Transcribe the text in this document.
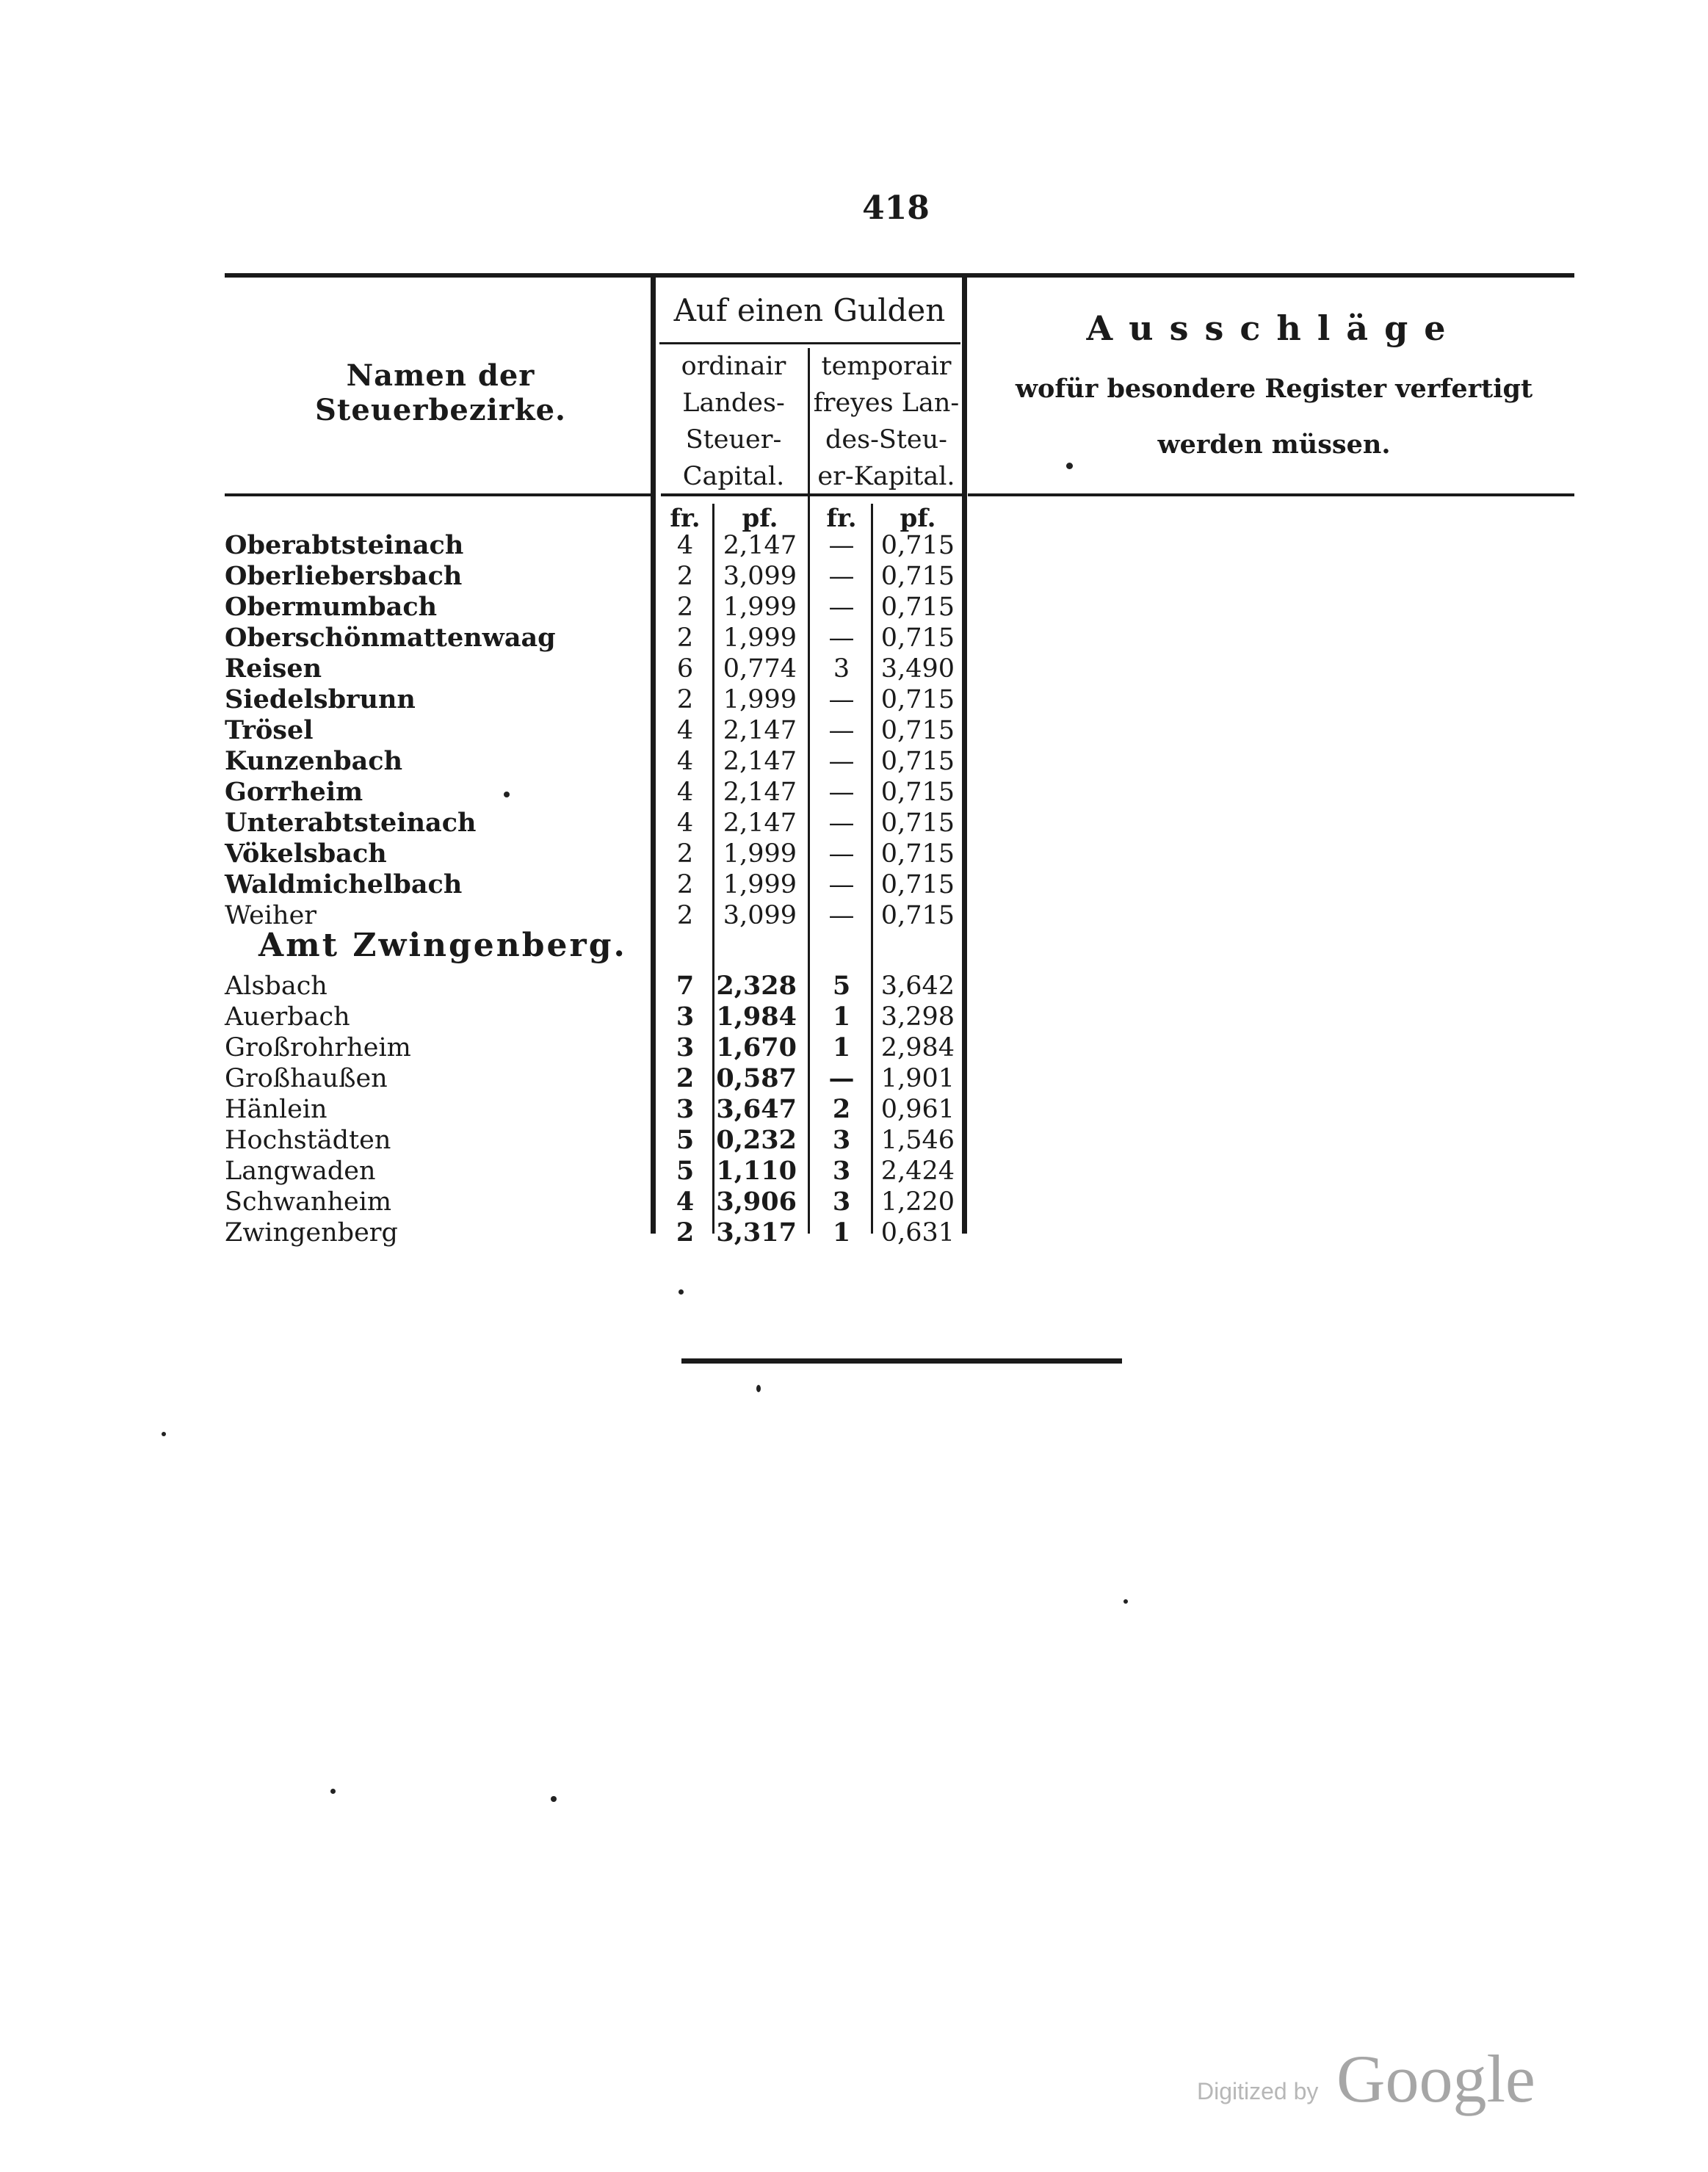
418
Namen der Steuerbezirke.
Auf einen Gulden
ordinair
Landes-
Steuer-
Capital.
temporair
freyes Lan-
des-Steu-
er-Kapital.
Ausschläge
wofür besondere Register verfertigt
werden müssen.
fr.	pf.	fr.	pf.
Oberabtsteinach	4	2,147	—	0,715
Oberliebersbach	2	3,099	—	0,715
Obermumbach	2	1,999	—	0,715
Oberschönmattenwaag	2	1,999	—	0,715
Reisen	6	0,774	3	3,490
Siedelsbrunn	2	1,999	—	0,715
Trösel	4	2,147	—	0,715
Kunzenbach	4	2,147	—	0,715
Gorrheim	4	2,147	—	0,715
Unterabtsteinach	4	2,147	—	0,715
Vökelsbach	2	1,999	—	0,715
Waldmichelbach	2	1,999	—	0,715
Weiher	2	3,099	—	0,715
Amt Zwingenberg.
Alsbach	7 2,328	5	3,642
Auerbach	3 1,984	1	3,298
Großrohrheim	3 1,670	1	2,984
Großhaußen	2 0,587	—	1,901
Hänlein	3 3,647	2	0,961
Hochstädten	5 0,232	3	1,546
Langwaden	5 1,110	3	2,424
Schwanheim	4 3,906	3	1,220
Zwingenberg	2 3,317	1	0,631
Digitized by Google
